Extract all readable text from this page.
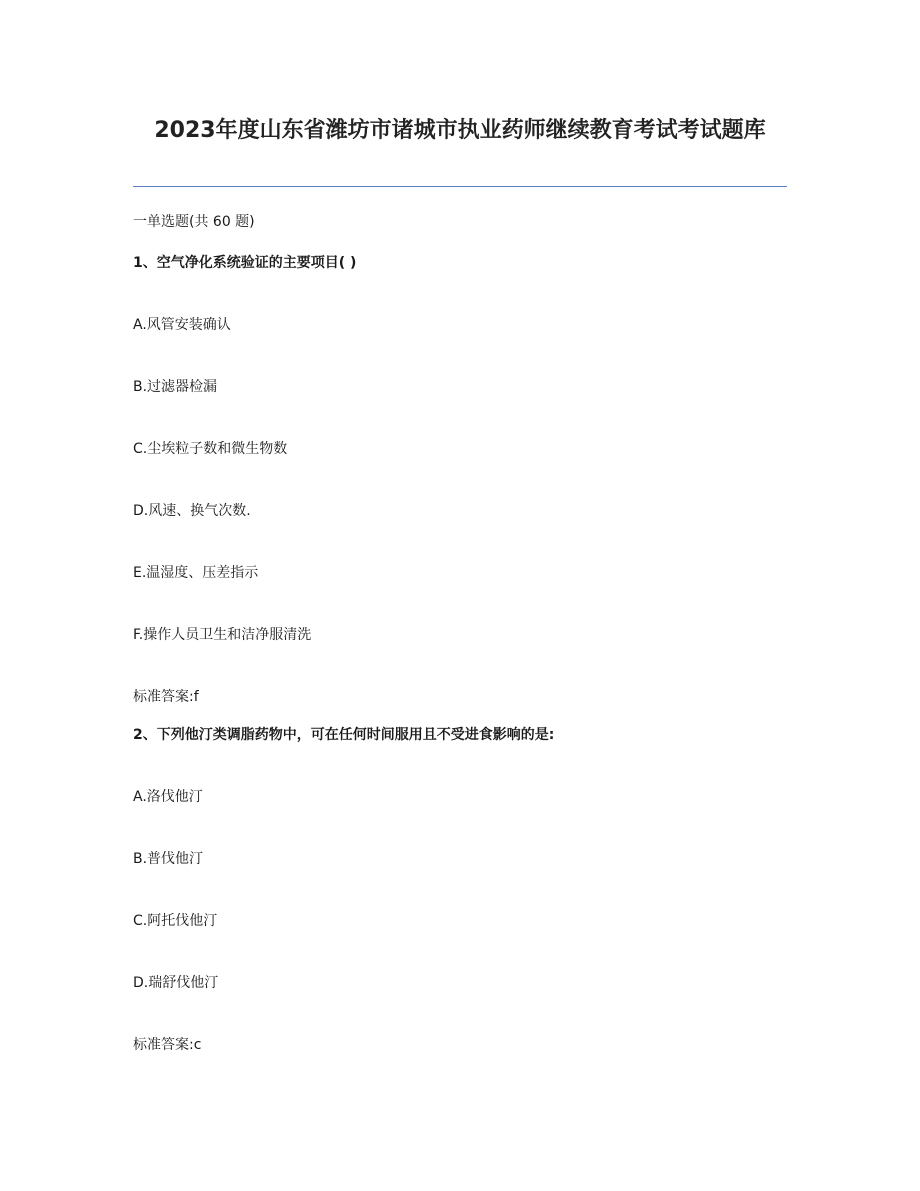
2023年度山东省潍坊市诸城市执业药师继续教育考试考试题库
一单选题(共 60 题)
1、空气净化系统验证的主要项目( )
A.风管安装确认
B.过滤器检漏
C.尘埃粒子数和微生物数
D.风速、换气次数.
E.温湿度、压差指示
F.操作人员卫生和洁净服清洗
标准答案:f
2、下列他汀类调脂药物中，可在任何时间服用且不受进食影响的是:
A.洛伐他汀
B.普伐他汀
C.阿托伐他汀
D.瑞舒伐他汀
标准答案:c
